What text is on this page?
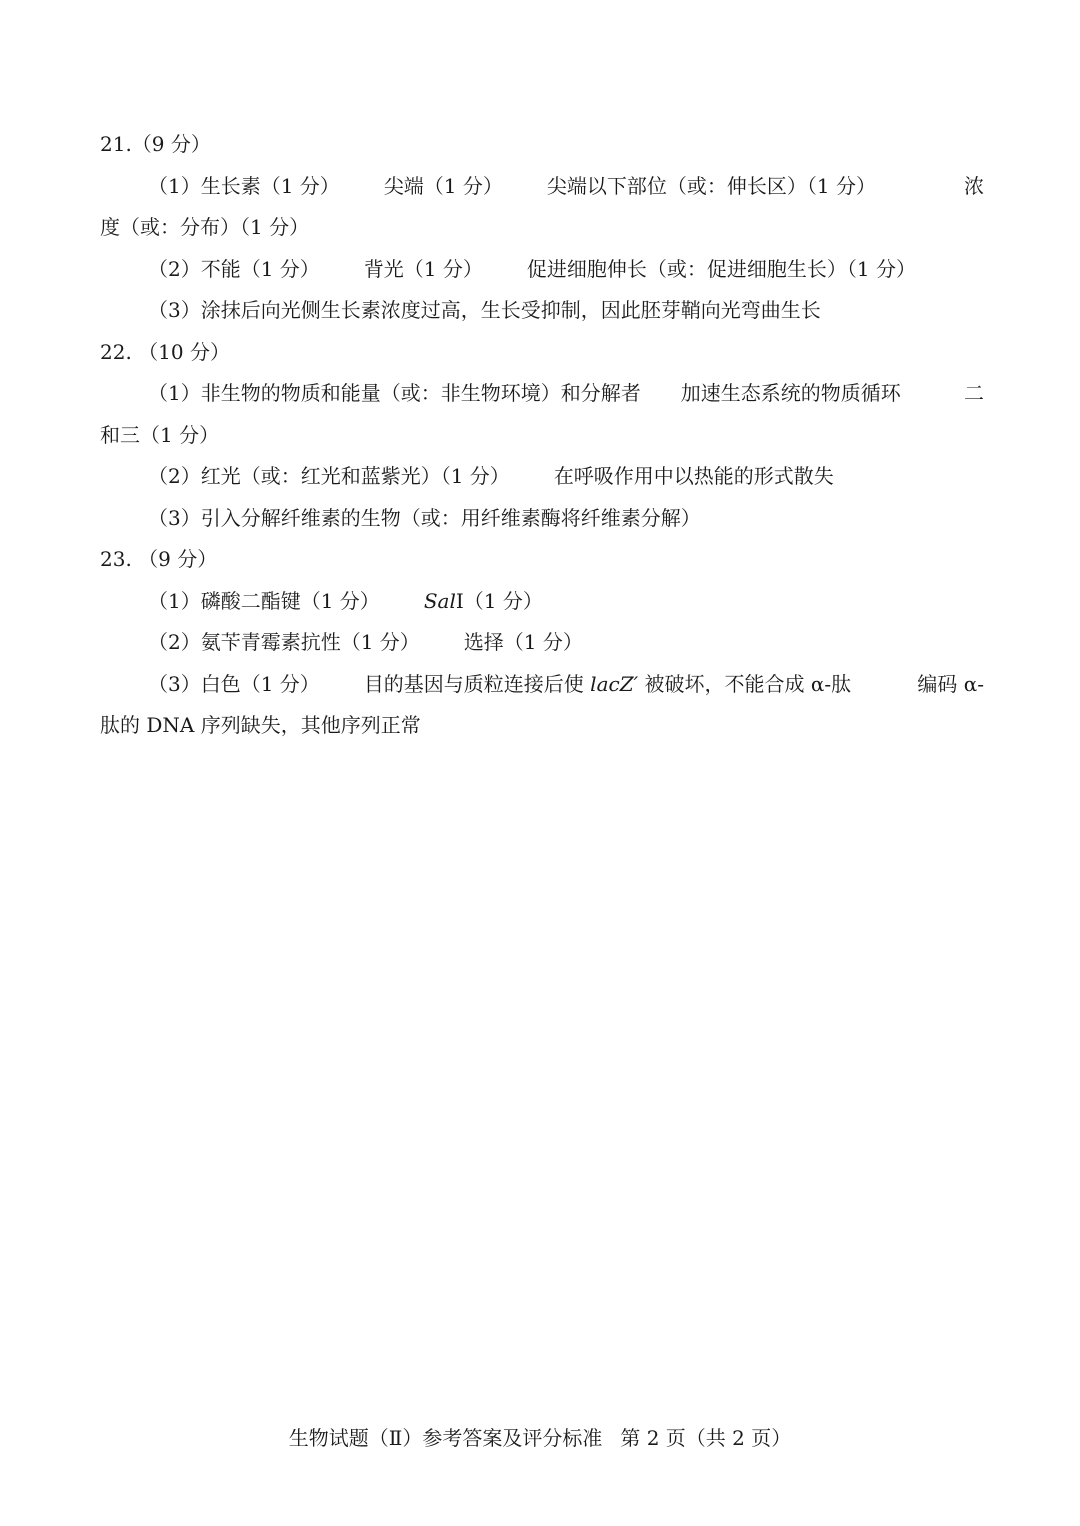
21.（9 分）
（1）生长素（1 分） 尖端（1 分） 尖端以下部位（或：伸长区）（1 分）	浓
度（或：分布）（1 分）
（2）不能（1 分） 背光（1 分） 促进细胞伸长（或：促进细胞生长）（1 分）
（3）涂抹后向光侧生长素浓度过高，生长受抑制，因此胚芽鞘向光弯曲生长
22. （10 分）
（1）非生物的物质和能量（或：非生物环境）和分解者 加速生态系统的物质循环	二
和三（1 分）
（2）红光（或：红光和蓝紫光）（1 分） 在呼吸作用中以热能的形式散失
（3）引入分解纤维素的生物（或：用纤维素酶将纤维素分解）
23. （9 分）
（1）磷酸二酯键（1 分） SalI（1 分）
（2）氨苄青霉素抗性（1 分） 选择（1 分）
（3）白色（1 分） 目的基因与质粒连接后使 lacZ′ 被破坏，不能合成 α-肽	编码 α-
肽的 DNA 序列缺失，其他序列正常
生物试题（Ⅱ）参考答案及评分标准 第 2 页（共 2 页）
